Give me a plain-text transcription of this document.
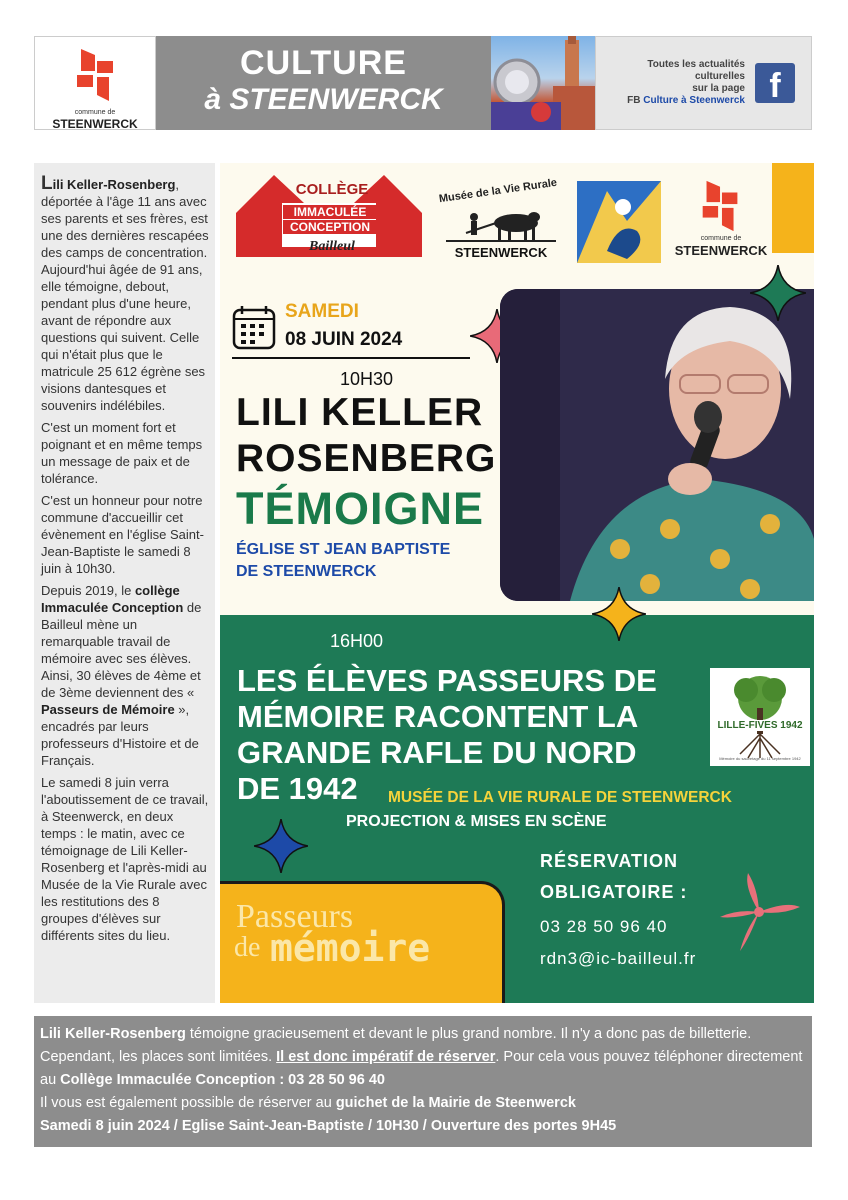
commune de
STEENWERCK
CULTURE
à STEENWERCK
Toutes les actualités
culturelles
sur la page
FB Culture à Steenwerck f

Lili Keller-Rosenberg, déportée à l'âge 11 ans avec ses parents et ses frères, est une des dernières rescapées des camps de concentration. Aujourd'hui âgée de 91 ans, elle témoigne, debout, pendant plus d'une heure, avant de répondre aux questions qui suivent. Celle qui n'était plus que le matricule 25 612 égrène ses visions dantesques et souvenirs indélébiles.

C'est un moment fort et poignant et en même temps un message de paix et de tolérance.

C'est un honneur pour notre commune d'accueillir cet évènement en l'église Saint-Jean-Baptiste le samedi 8 juin à 10h30.

Depuis 2019, le collège Immaculée Conception de Bailleul mène un remarquable travail de mémoire avec ses élèves. Ainsi, 30 élèves de 4ème et de 3ème deviennent des « Passeurs de Mémoire », encadrés par leurs professeurs d'Histoire et de Français.

Le samedi 8 juin verra l'aboutissement de ce travail, à Steenwerck, en deux temps : le matin, avec ce témoignage de Lili Keller-Rosenberg et l'après-midi au Musée de la Vie Rurale avec les restitutions des 8 groupes d'élèves sur différents sites du lieu.

COLLÈGE
IMMACULÉE
CONCEPTION
Bailleul
Musée de la Vie Rurale
STEENWERCK
commune de
STEENWERCK
SAMEDI
08 JUIN 2024
10H30
LILI KELLER
ROSENBERG
TÉMOIGNE
ÉGLISE ST JEAN BAPTISTE
DE STEENWERCK
16H00
LES ÉLÈVES PASSEURS DE
MÉMOIRE RACONTENT LA
GRANDE RAFLE DU NORD
DE 1942	MUSÉE DE LA VIE RURALE DE STEENWERCK
PROJECTION & MISES EN SCÈNE
LILLE-FIVES 1942
Mémoire du sauvetage du 11 septembre 1942
RÉSERVATION
OBLIGATOIRE :
03 28 50 96 40
rdn3@ic-bailleul.fr
Passeurs
de mémoire
Lili Keller-Rosenberg témoigne gracieusement et devant le plus grand nombre. Il n'y a donc pas de billetterie. Cependant, les places sont limitées. Il est donc impératif de réserver. Pour cela vous pouvez téléphoner directement au Collège Immaculée Conception : 03 28 50 96 40
Il vous est également possible de réserver au guichet de la Mairie de Steenwerck
Samedi 8 juin 2024 / Eglise Saint-Jean-Baptiste / 10H30 / Ouverture des portes 9H45
